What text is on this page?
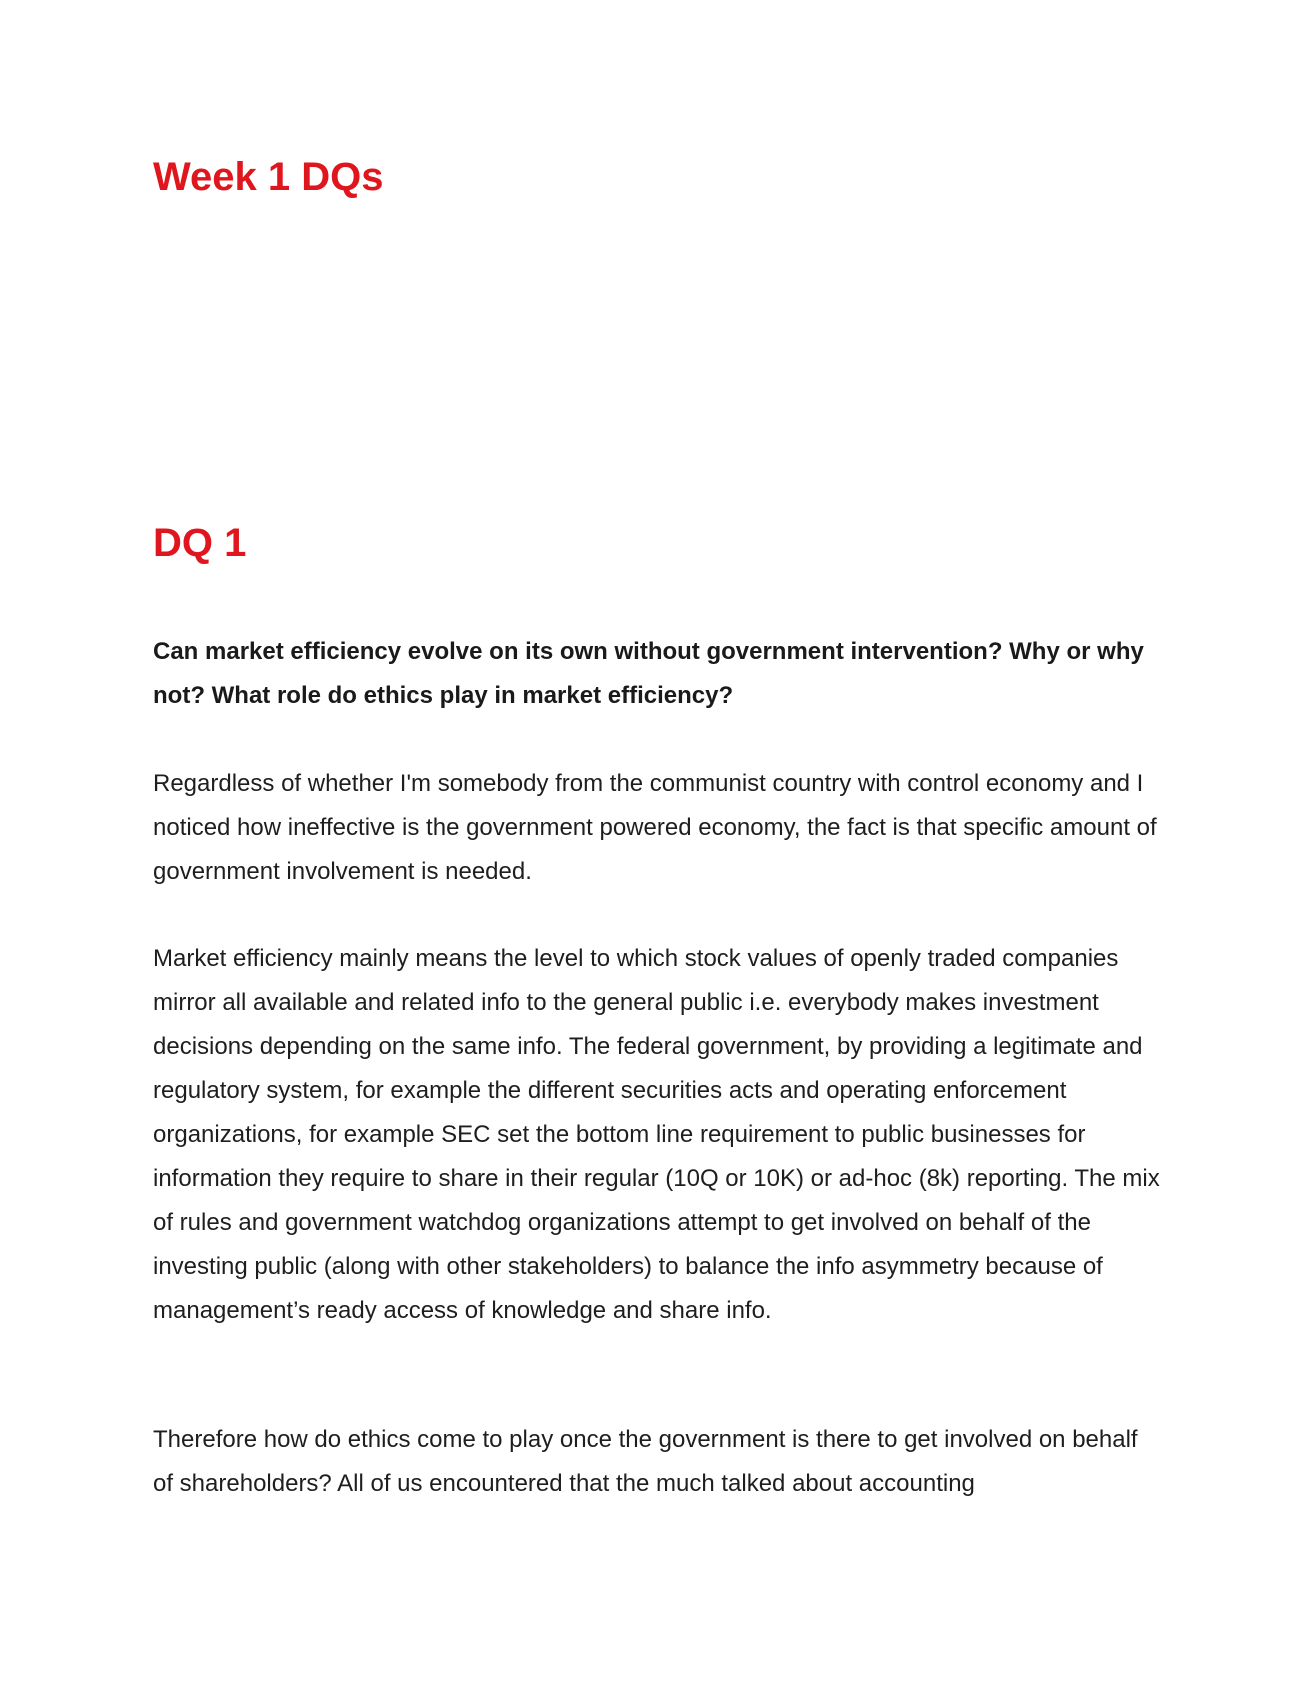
Week 1 DQs
DQ 1

Can market efficiency evolve on its own without government intervention? Why or why not? What role do ethics play in market efficiency?

Regardless of whether I'm somebody from the communist country with control economy and I noticed how ineffective is the government powered economy, the fact is that specific amount of government involvement is needed.

Market efficiency mainly means the level to which stock values of openly traded companies mirror all available and related info to the general public i.e. everybody makes investment decisions depending on the same info. The federal government, by providing a legitimate and regulatory system, for example the different securities acts and operating enforcement organizations, for example SEC set the bottom line requirement to public businesses for information they require to share in their regular (10Q or 10K) or ad-hoc (8k) reporting. The mix of rules and government watchdog organizations attempt to get involved on behalf of the investing public (along with other stakeholders) to balance the info asymmetry because of management’s ready access of knowledge and share info.

Therefore how do ethics come to play once the government is there to get involved on behalf of shareholders? All of us encountered that the much talked about accounting
